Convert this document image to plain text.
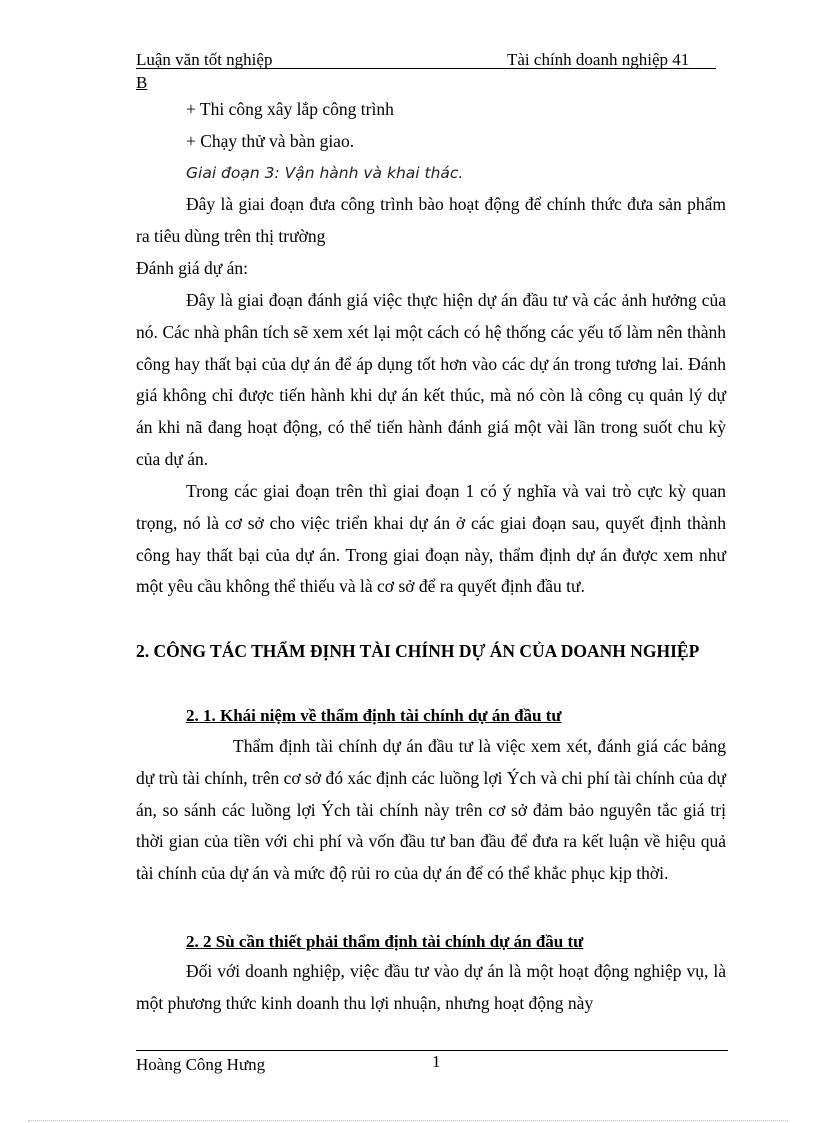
Luận văn tốt nghiệp	Tài chính doanh nghiệp 41
B

+ Thi công xây lắp công trình

+ Chạy thử và bàn giao.

Giai đoạn 3: Vận hành và khai thác.

Đây là giai đoạn đưa công trình bào hoạt động để chính thức đưa sản phẩm ra tiêu dùng trên thị trường

Đánh giá dự án:

Đây là giai đoạn đánh giá việc thực hiện dự án đầu tư và các ảnh hưởng của nó. Các nhà phân tích sẽ xem xét lại một cách có hệ thống các yếu tố làm nên thành công hay thất bại của dự án để áp dụng tốt hơn vào các dự án trong tương lai. Đánh giá không chỉ được tiến hành khi dự án kết thúc, mà nó còn là công cụ quản lý dự án khi nã đang hoạt động, có thể tiến hành đánh giá một vài lần trong suốt chu kỳ của dự án.

Trong các giai đoạn trên thì giai đoạn 1 có ý nghĩa và vai trò cực kỳ quan trọng, nó là cơ sở cho việc triển khai dự án ở các giai đoạn sau, quyết định thành công hay thất bại của dự án. Trong giai đoạn này, thẩm định dự án được xem như một yêu cầu không thể thiếu và là cơ sở để ra quyết định đầu tư.

2. CÔNG TÁC THẨM ĐỊNH TÀI CHÍNH DỰ ÁN CỦA DOANH NGHIỆP

2. 1. Khái niệm về thẩm định tài chính dự án đầu tư

Thẩm định tài chính dự án đầu tư là việc xem xét, đánh giá các bảng dự trù tài chính, trên cơ sở đó xác định các luồng lợi Ých và chi phí tài chính của dự án, so sánh các luồng lợi Ých tài chính này trên cơ sở đảm bảo nguyên tắc giá trị thời gian của tiền với chi phí và vốn đầu tư ban đầu để đưa ra kết luận về hiệu quả tài chính của dự án và mức độ rủi ro của dự án để có thể khắc phục kịp thời.

2. 2 Sù cần thiết phải thẩm định tài chính dự án đầu tư

Đối với doanh nghiệp, việc đầu tư vào dự án là một hoạt động nghiệp vụ, là một phương thức kinh doanh thu lợi nhuận, nhưng hoạt động này

Hoàng Công Hưng	1
